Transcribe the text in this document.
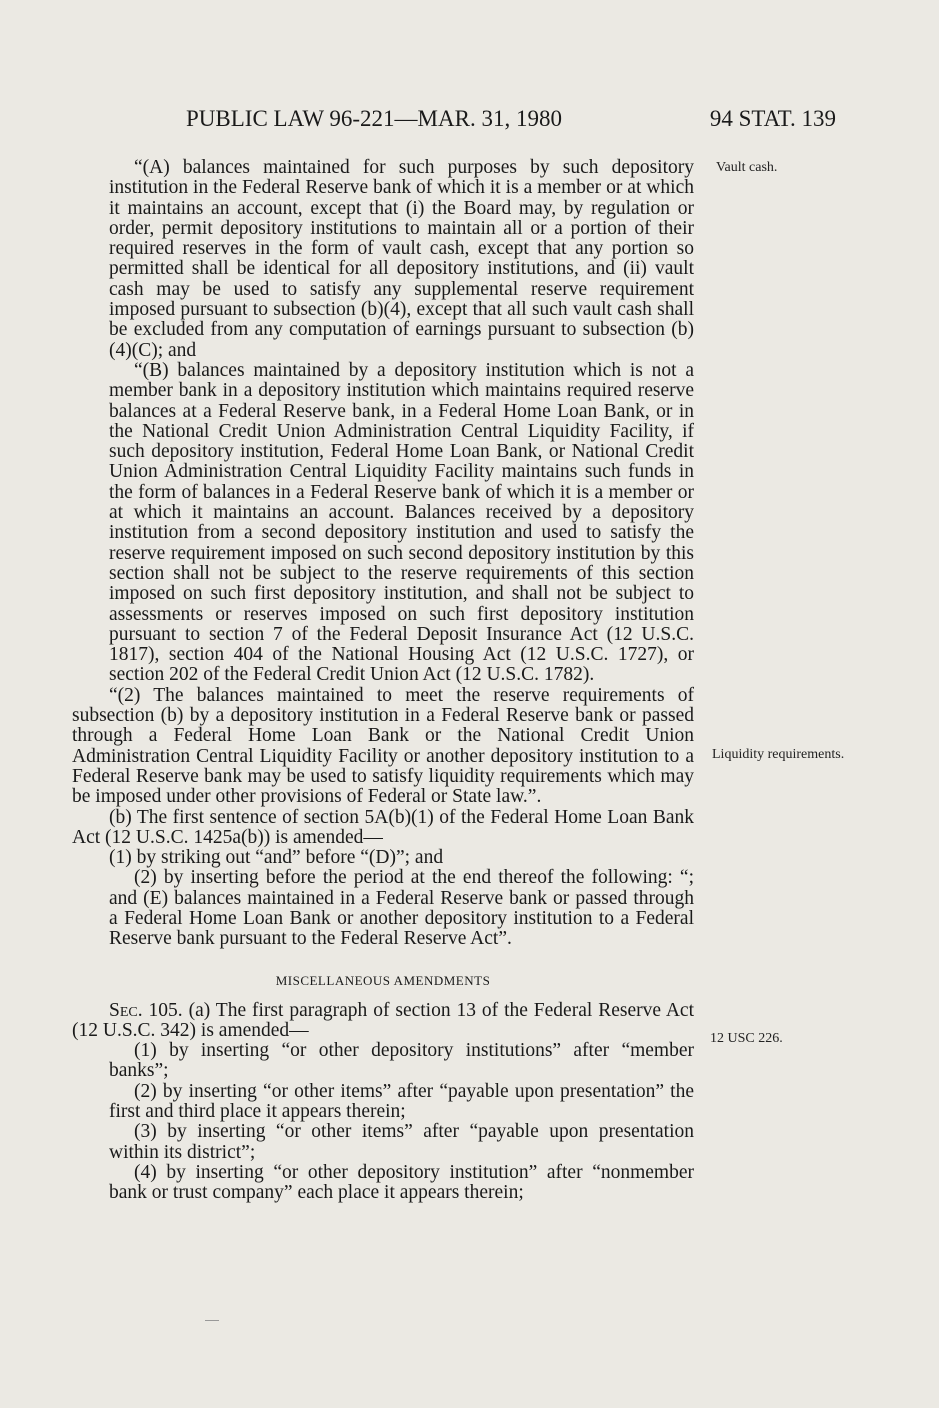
PUBLIC LAW 96-221—MAR. 31, 1980	94 STAT. 139
Vault cash.
Liquidity requirements.
12 USC 226.

“(A) balances maintained for such purposes by such depository institution in the Federal Reserve bank of which it is a member or at which it maintains an account, except that (i) the Board may, by regulation or order, permit depository institutions to maintain all or a portion of their required reserves in the form of vault cash, except that any portion so permitted shall be identical for all depository institutions, and (ii) vault cash may be used to satisfy any supplemental reserve requirement imposed pursuant to subsection (b)(4), except that all such vault cash shall be excluded from any computation of earnings pursuant to subsection (b)(4)(C); and

“(B) balances maintained by a depository institution which is not a member bank in a depository institution which maintains required reserve balances at a Federal Reserve bank, in a Federal Home Loan Bank, or in the National Credit Union Administration Central Liquidity Facility, if such depository institution, Federal Home Loan Bank, or National Credit Union Administration Central Liquidity Facility maintains such funds in the form of balances in a Federal Reserve bank of which it is a member or at which it maintains an account. Balances received by a depository institution from a second depository institution and used to satisfy the reserve requirement imposed on such second depository institution by this section shall not be subject to the reserve requirements of this section imposed on such first depository institution, and shall not be subject to assessments or reserves imposed on such first depository institution pursuant to section 7 of the Federal Deposit Insurance Act (12 U.S.C. 1817), section 404 of the National Housing Act (12 U.S.C. 1727), or section 202 of the Federal Credit Union Act (12 U.S.C. 1782).

“(2) The balances maintained to meet the reserve requirements of subsection (b) by a depository institution in a Federal Reserve bank or passed through a Federal Home Loan Bank or the National Credit Union Administration Central Liquidity Facility or another depository institution to a Federal Reserve bank may be used to satisfy liquidity requirements which may be imposed under other provisions of Federal or State law.”.

(b) The first sentence of section 5A(b)(1) of the Federal Home Loan Bank Act (12 U.S.C. 1425a(b)) is amended—

(1) by striking out “and” before “(D)”; and

(2) by inserting before the period at the end thereof the following: “; and (E) balances maintained in a Federal Reserve bank or passed through a Federal Home Loan Bank or another depository institution to a Federal Reserve bank pursuant to the Federal Reserve Act”.

MISCELLANEOUS AMENDMENTS

Sec. 105. (a) The first paragraph of section 13 of the Federal Reserve Act (12 U.S.C. 342) is amended—

(1) by inserting “or other depository institutions” after “member banks”;

(2) by inserting “or other items” after “payable upon presentation” the first and third place it appears therein;

(3) by inserting “or other items” after “payable upon presentation within its district”;

(4) by inserting “or other depository institution” after “nonmember bank or trust company” each place it appears therein;
